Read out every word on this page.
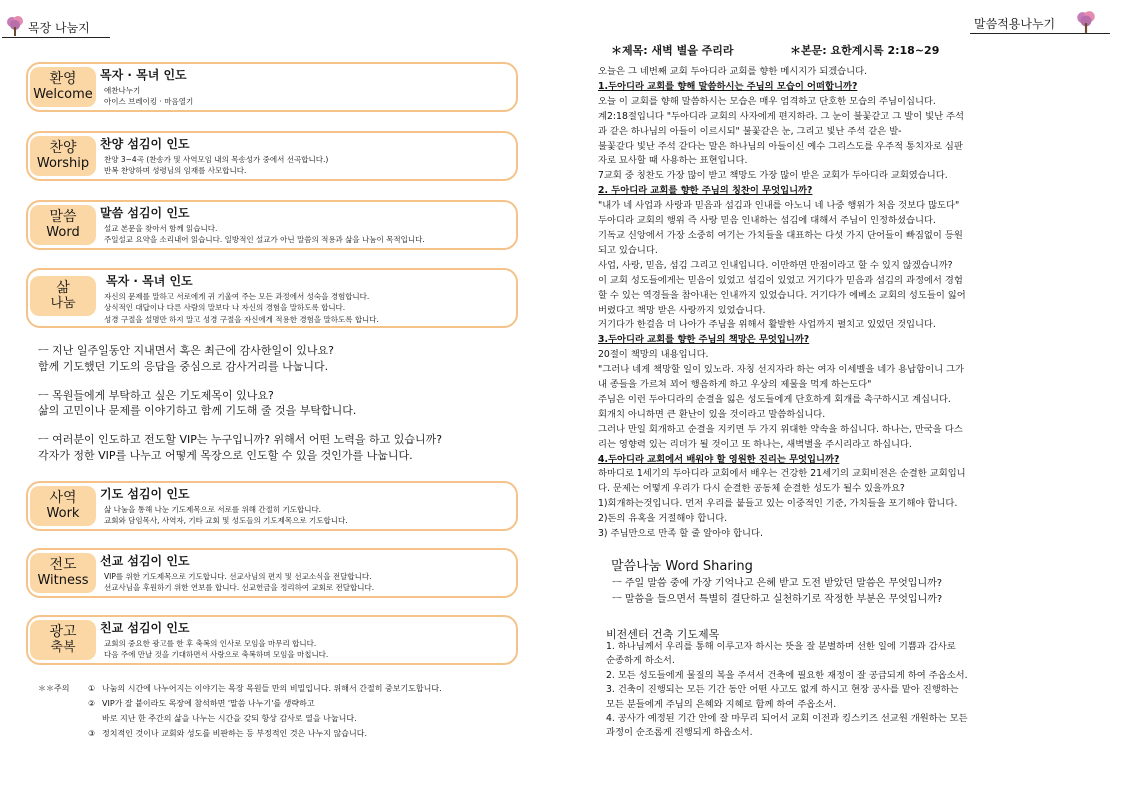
목장 나눔지	말씀적용나누기
환영
Welcome
목자 · 목녀 인도
애찬나누기
아이스 브레이킹 · 마음열기
찬양
Worship
찬양 섬김이 인도
찬양 3~4곡 (찬송가 및 사역모임 내의 목송성가 중에서 선곡합니다.)
반복 찬양하며 성령님의 임재를 사모합니다.
말씀
Word
말씀 섬김이 인도
설교 본문을 찾아서 함께 읽습니다.
주일설교 요약을 소리내어 읽습니다. 일방적인 설교가 아닌 말씀의 적용과 삶을 나눔이 목적입니다.
삶
나눔
목자 · 목녀 인도
자신의 문제를 말하고 서로에게 귀 기울여 주는 모든 과정에서 성숙을 경험합니다.
상식적인 대답이나 다른 사람의 말보다 나 자신의 경험을 말하도록 합니다.
성경 구절을 설명만 하지 말고 성경 구절을 자신에게 적용한 경험을 말하도록 합니다.
ㅡ 지난 일주일동안 지내면서 혹은 최근에 감사한일이 있나요?
함께 기도했던 기도의 응답을 중심으로 감사거리를 나눕니다.
ㅡ 목원들에게 부탁하고 싶은 기도제목이 있나요?
삶의 고민이나 문제를 이야기하고 함께 기도해 줄 것을 부탁합니다.
ㅡ 여러분이 인도하고 전도할 VIP는 누구입니까? 위해서 어떤 노력을 하고 있습니까?
각자가 정한 VIP를 나누고 어떻게 목장으로 인도할 수 있을 것인가를 나눕니다.
사역
Work
기도 섬김이 인도
삶 나눔을 통해 나눈 기도제목으로 서로를 위해 간절히 기도합니다.
교회와 담임목사, 사역자, 기타 교회 및 성도들의 기도제목으로 기도합니다.
전도
Witness
선교 섬김이 인도
VIP를 위한 기도제목으로 기도합니다. 선교사님의 편지 및 선교소식을 전달합니다.
선교사님을 후원하기 위한 연보를 합니다. 선교헌금을 정리하여 교회로 전달합니다.
광고
축복
친교 섬김이 인도
교회의 중요한 광고를 한 후 축복의 인사로 모임을 마무리 합니다.
다음 주에 만날 것을 기대하면서 사랑으로 축복하며 모임을 마칩니다.
＊＊주의 ① 나눔의 시간에 나누어지는 이야기는 목장 목원들 만의 비밀입니다. 위해서 간절히 중보기도합니다.
② VIP가 잘 붙이라도 목장에 참석하면 '말씀 나누기'를 생략하고
바로 지난 한 주간의 삶을 나누는 시간을 갖되 항상 감사로 열을 나눕니다.
③ 정치적인 것이나 교회와 성도를 비판하는 등 부정적인 것은 나누지 않습니다.
＊제목: 새벽 별을 주리라	＊본문: 요한계시록 2:18~29

오늘은 그 네번째 교회 두아디라 교회를 향한 메시지가 되겠습니다.

1.두아디라 교회를 향해 말씀하시는 주님의 모습이 어떠합니까?

오늘 이 교회를 향해 말씀하시는 모습은 매우 엄격하고 단호한 모습의 주님이십니다.

계2:18절입니다 "두아디라 교회의 사자에게 편지하라. 그 눈이 불꽃같고 그 발이 빛난 주석

과 같은 하나님의 아들이 이르시되" 불꽃같은 눈, 그리고 빛난 주석 같은 발-

불꽃같다 빛난 주석 같다는 말은 하나님의 아들이신 예수 그리스도를 우주적 통치자로 심판

자로 묘사할 때 사용하는 표현입니다.

7교회 중 칭찬도 가장 많이 받고 책망도 가장 많이 받은 교회가 두아디라 교회였습니다.

2. 두아디라 교회를 향한 주님의 칭찬이 무엇입니까?

"내가 네 사업과 사랑과 믿음과 섬김과 인내를 아노니 네 나중 행위가 처음 것보다 많도다"

두아디라 교회의 행위 즉 사랑 믿음 인내하는 섬김에 대해서 주님이 인정하셨습니다.

기독교 신앙에서 가장 소중히 여기는 가치들을 대표하는 다섯 가지 단어들이 빠짐없이 등원

되고 있습니다.

사업, 사랑, 믿음, 섬김 그리고 인내입니다. 이만하면 만점이라고 할 수 있지 않겠습니까?

이 교회 성도들에게는 믿음이 있었고 섬김이 있었고 거기다가 믿음과 섬김의 과정에서 경험

할 수 있는 역경들을 참아내는 인내까지 있었습니다. 거기다가 에베소 교회의 성도들이 잃어

버렸다고 책망 받은 사랑까지 있었습니다.

거기다가 한걸음 더 나아가 주님을 위해서 활발한 사업까지 펼치고 있었던 것입니다.

3.두아디라 교회를 향한 주님의 책망은 무엇입니까?

20절이 책망의 내용입니다.

"그러나 네게 책망할 일이 있노라. 자칭 선지자라 하는 여자 이세벨을 네가 용납함이니 그가

내 종들을 가르쳐 꾀어 행음하게 하고 우상의 제물을 먹게 하는도다"

주님은 이런 두아디라의 순결을 잃은 성도들에게 단호하게 회개를 촉구하시고 계십니다.

회개치 아니하면 큰 환난이 있을 것이라고 말씀하십니다.

그러나 만일 회개하고 순결을 지키면 두 가지 위대한 약속을 하십니다. 하나는, 만국을 다스

리는 영향력 있는 리더가 될 것이고 또 하나는, 새벽별을 주시리라고 하십니다.

4.두아디라 교회에서 배워야 할 영원한 진리는 무엇입니까?

하마디로 1세기의 두아디라 교회에서 배우는 건강한 21세기의 교회비전은 순결한 교회입니

다. 문제는 어떻게 우리가 다시 순결한 공동체 순결한 성도가 될수 있을까요?

1)회개하는것입니다. 먼저 우리를 붙들고 있는 이중적인 기준, 가치들을 포기해야 합니다.

2)돈의 유혹을 거절해야 합니다.

3) 주님만으로 만족 할 줄 알아야 합니다.

말씀나눔 Word Sharing
ㅡ 주일 말씀 중에 가장 기억나고 은혜 받고 도전 받았던 말씀은 무엇입니까?
ㅡ 말씀을 들으면서 특별히 결단하고 실천하기로 작정한 부분은 무엇입니까?
비전센터 건축 기도제목

1. 하나님께서 우리를 통해 이루고자 하시는 뜻을 잘 분별하며 선한 일에 기쁨과 감사로

순종하게 하소서.

2. 모든 성도들에게 물질의 복을 주셔서 건축에 필요한 재정이 잘 공급되게 하여 주옵소서.

3. 건축이 진행되는 모든 기간 동안 어떤 사고도 없게 하시고 현장 공사를 맡아 진행하는

모든 분들에게 주님의 은혜와 지혜로 함께 하여 주옵소서.

4. 공사가 예정된 기간 안에 잘 마무리 되어서 교회 이전과 킹스키즈 선교원 개원하는 모든

과정이 순조롭게 진행되게 하옵소서.
